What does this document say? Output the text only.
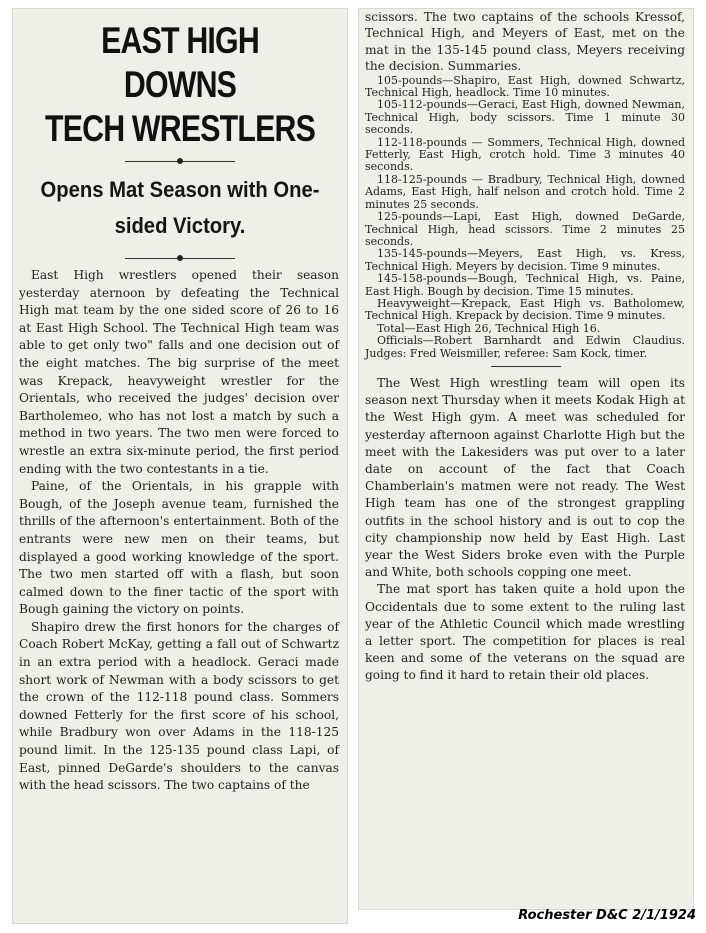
EAST HIGH DOWNS
TECH WRESTLERS
Opens Mat Season with One-sided Victory.

East High wrestlers opened their season yesterday aternoon by defeating the Technical High mat team by the one sided score of 26 to 16 at East High School. The Technical High team was able to get only two" falls and one decision out of the eight matches. The big surprise of the meet was Krepack, heavyweight wrestler for the Orientals, who received the judges' decision over Bartholemeo, who has not lost a match by such a method in two years. The two men were forced to wrestle an extra six-minute period, the first period ending with the two contestants in a tie.

Paine, of the Orientals, in his grapple with Bough, of the Joseph avenue team, furnished the thrills of the afternoon's entertainment. Both of the entrants were new men on their teams, but displayed a good working knowledge of the sport. The two men started off with a flash, but soon calmed down to the finer tactic of the sport with Bough gaining the victory on points.

Shapiro drew the first honors for the charges of Coach Robert McKay, getting a fall out of Schwartz in an extra period with a headlock. Geraci made short work of Newman with a body scissors to get the crown of the 112-118 pound class. Sommers downed Fetterly for the first score of his school, while Bradbury won over Adams in the 118-125 pound limit. In the 125-135 pound class Lapi, of East, pinned DeGarde's shoulders to the canvas with the head scissors. The two captains of the

scissors. The two captains of the schools Kressof, Technical High, and Meyers of East, met on the mat in the 135-145 pound class, Meyers receiving the decision. Summaries.

105-pounds—Shapiro, East High, downed Schwartz, Technical High, headlock. Time 10 minutes.

105-112-pounds—Geraci, East High, downed Newman, Technical High, body scissors. Time 1 minute 30 seconds.

112-118-pounds — Sommers, Technical High, downed Fetterly, East High, crotch hold. Time 3 minutes 40 seconds.

118-125-pounds — Bradbury, Technical High, downed Adams, East High, half nelson and crotch hold. Time 2 minutes 25 seconds.

125-pounds—Lapi, East High, downed DeGarde, Technical High, head scissors. Time 2 minutes 25 seconds.

135-145-pounds—Meyers, East High, vs. Kress, Technical High. Meyers by decision. Time 9 minutes.

145-158-pounds—Bough, Technical High, vs. Paine, East High. Bough by decision. Time 15 minutes.

Heavyweight—Krepack, East High vs. Batholomew, Technical High. Krepack by decision. Time 9 minutes.

Total—East High 26, Technical High 16.

Officials—Robert Barnhardt and Edwin Claudius. Judges: Fred Weismiller, referee: Sam Kock, timer.

The West High wrestling team will open its season next Thursday when it meets Kodak High at the West High gym. A meet was scheduled for yesterday afternoon against Charlotte High but the meet with the Lakesiders was put over to a later date on account of the fact that Coach Chamberlain's matmen were not ready. The West High team has one of the strongest grappling outfits in the school history and is out to cop the city championship now held by East High. Last year the West Siders broke even with the Purple and White, both schools copping one meet.

The mat sport has taken quite a hold upon the Occidentals due to some extent to the ruling last year of the Athletic Council which made wrestling a letter sport. The competition for places is real keen and some of the veterans on the squad are going to find it hard to retain their old places.

Rochester D&C 2/1/1924
